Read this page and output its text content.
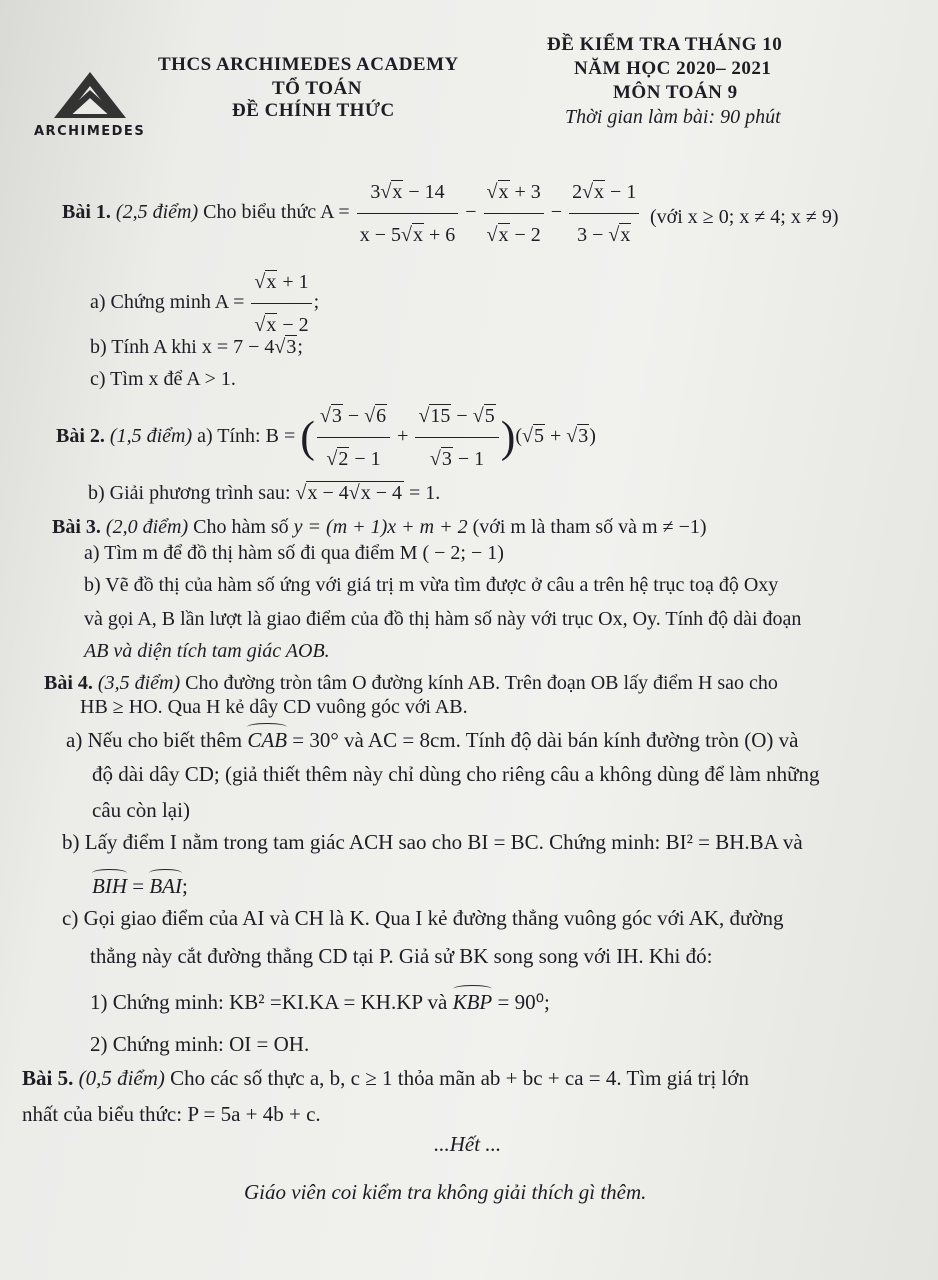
ARCHIMEDES
THCS ARCHIMEDES ACADEMY
TỔ TOÁN
ĐỀ CHÍNH THỨC
ĐỀ KIỂM TRA THÁNG 10
NĂM HỌC 2020– 2021
MÔN TOÁN 9
Thời gian làm bài: 90 phút
Bài 1. (2,5 điểm) Cho biểu thức $A = \frac{3√x - 14}{x - 5√x + 6} - \frac{√x + 3}{√x - 2} - \frac{2√x - 1}{3 - √x}$ (với x ≥ 0; x ≠ 4; x ≠ 9)
a) Chứng minh $A = \frac{√x + 1}{√x - 2}$ ;
b) Tính A khi x = 7 − 4√3;
c) Tìm x để A > 1.
Bài 2. (1,5 điểm) a) Tính: B = ( $\frac{√3 - √6}{√2 - 1} + \frac{√15 - √5}{√3 - 1} )(√5 + √3)$
b) Giải phương trình sau: √x − 4√x − 4 = 1.
Bài 3. (2,0 điểm) Cho hàm số y = (m + 1)x + m + 2 (với m là tham số và m ≠ −1)
a) Tìm m để đồ thị hàm số đi qua điểm M ( − 2; − 1)
b) Vẽ đồ thị của hàm số ứng với giá trị m vừa tìm được ở câu a trên hệ trục toạ độ Oxy
và gọi A, B lần lượt là giao điểm của đồ thị hàm số này với trục Ox, Oy. Tính độ dài đoạn
AB và diện tích tam giác AOB.
Bài 4. (3,5 điểm) Cho đường tròn tâm O đường kính AB. Trên đoạn OB lấy điểm H sao cho
HB ≥ HO. Qua H kẻ dây CD vuông góc với AB.
a) Nếu cho biết thêm CAB = 30° và AC = 8cm. Tính độ dài bán kính đường tròn (O) và
độ dài dây CD; (giả thiết thêm này chỉ dùng cho riêng câu a không dùng để làm những
câu còn lại)
b) Lấy điểm I nằm trong tam giác ACH sao cho BI = BC. Chứng minh: BI² = BH.BA và
BIH = BAI;
c) Gọi giao điểm của AI và CH là K. Qua I kẻ đường thẳng vuông góc với AK, đường
thẳng này cắt đường thẳng CD tại P. Giả sử BK song song với IH. Khi đó:
1) Chứng minh: KB² =KI.KA = KH.KP và KBP = 90⁰;
2) Chứng minh: OI = OH.
Bài 5. (0,5 điểm) Cho các số thực a, b, c ≥ 1 thỏa mãn ab + bc + ca = 4. Tìm giá trị lớn
nhất của biểu thức: P = 5a + 4b + c.
...Hết ...
Giáo viên coi kiểm tra không giải thích gì thêm.
